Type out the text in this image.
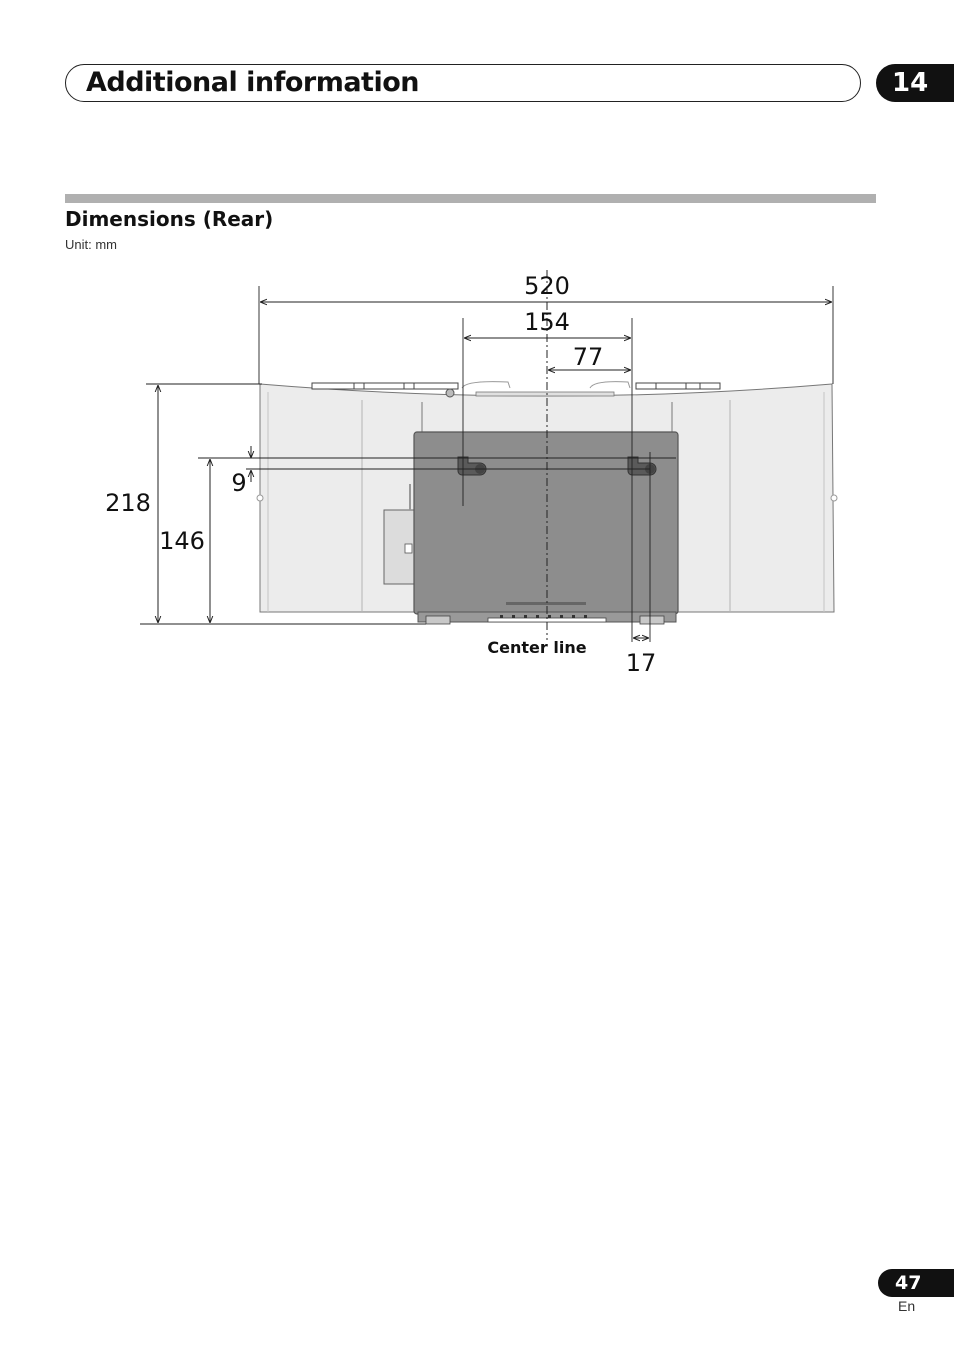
Additional information	14
Dimensions (Rear)
Unit: mm
520
154
77
218
146
9
17
Center line
47
En
